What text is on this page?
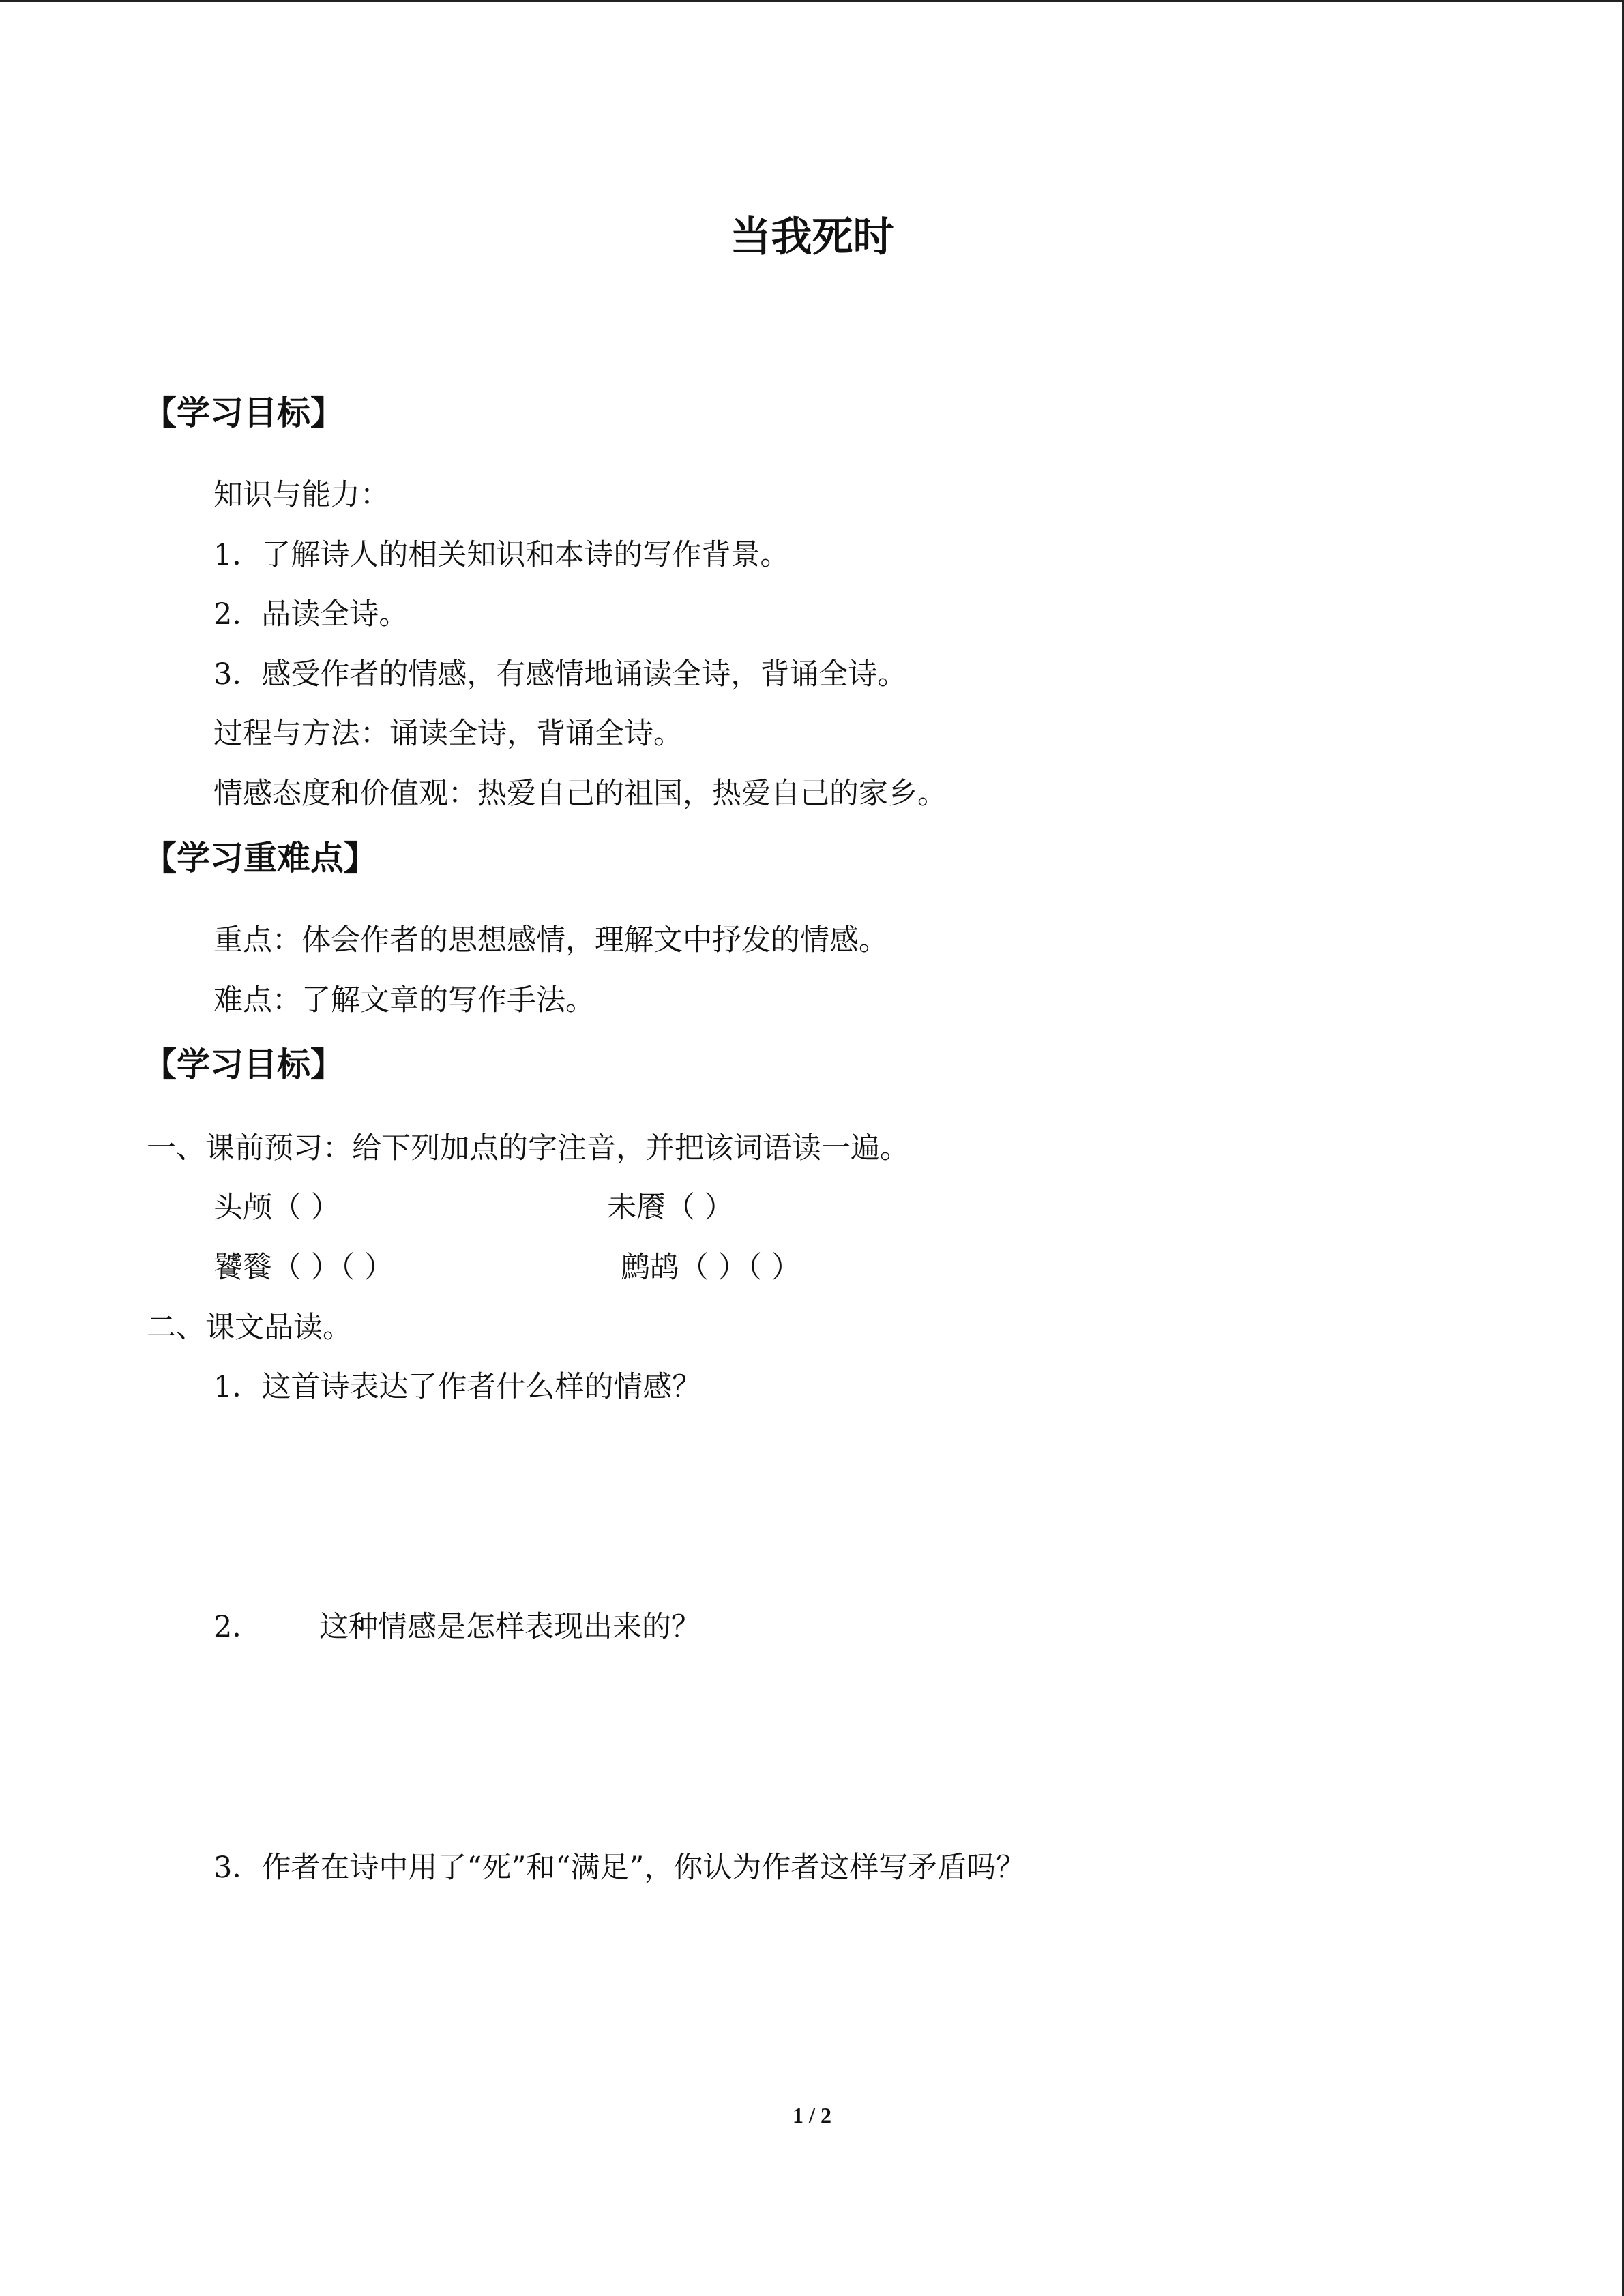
当我死时
【学习目标】
知识与能力：
1．了解诗人的相关知识和本诗的写作背景。
2．品读全诗。
3．感受作者的情感，有感情地诵读全诗，背诵全诗。
过程与方法：诵读全诗，背诵全诗。
情感态度和价值观：热爱自己的祖国，热爱自己的家乡。
【学习重难点】
重点：体会作者的思想感情，理解文中抒发的情感。
难点：了解文章的写作手法。
【学习目标】
一、课前预习：给下列加点的字注音，并把该词语读一遍。
头颅（ ）	未餍（ ）
饕餮（ ）（ ）	鹧鸪（ ）（ ）
二、课文品读。
1．这首诗表达了作者什么样的情感？
2． 这种情感是怎样表现出来的？
3．作者在诗中用了“死”和“满足”，你认为作者这样写矛盾吗？
1 / 2
